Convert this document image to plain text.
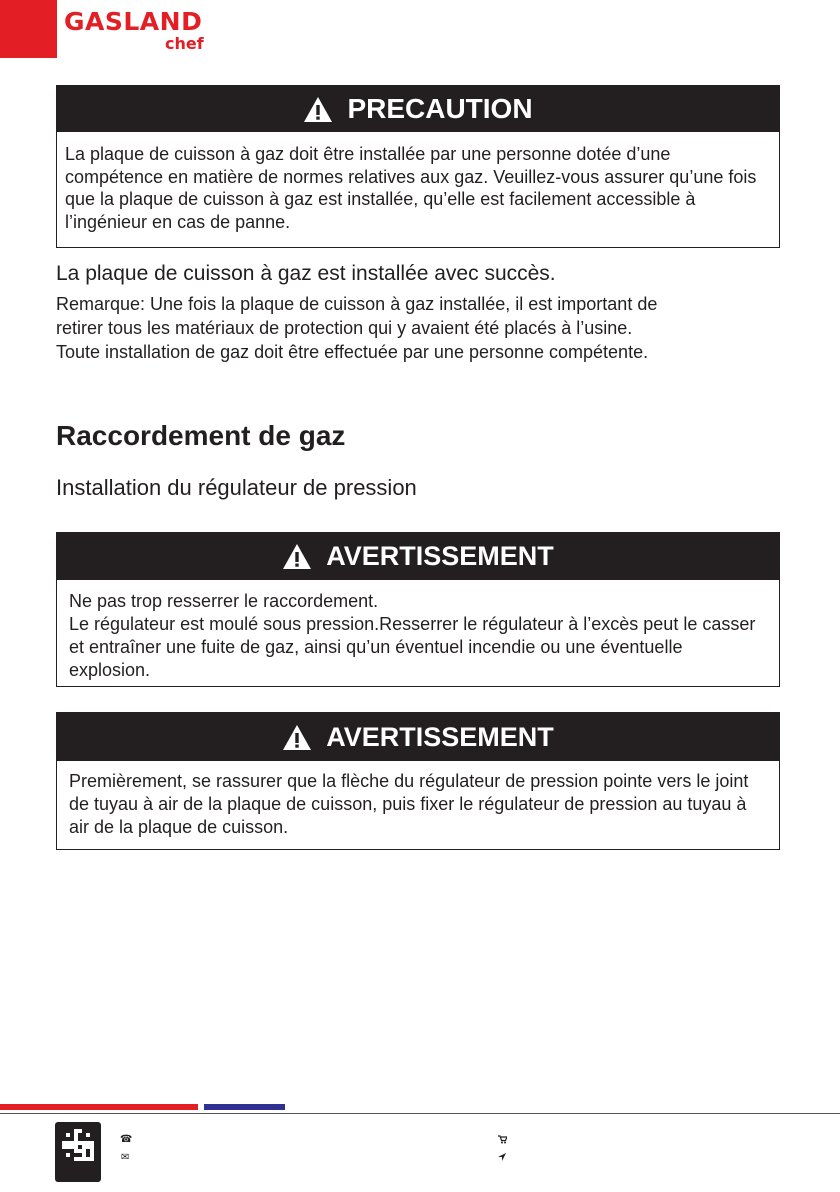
GASLAND
chef
PRECAUTION

La plaque de cuisson à gaz doit être installée par une personne dotée d’une compétence en matière de normes relatives aux gaz. Veuillez-vous assurer qu’une fois que la plaque de cuisson à gaz est installée, qu’elle est facilement accessible à l’ingénieur en cas de panne.

La plaque de cuisson à gaz est installée avec succès.

Remarque: Une fois la plaque de cuisson à gaz installée, il est important de

retirer tous les matériaux de protection qui y avaient été placés à l’usine.

Toute installation de gaz doit être effectuée par une personne compétente.

Raccordement de gaz
Installation du régulateur de pression
AVERTISSEMENT

Ne pas trop resserrer le raccordement.

Le régulateur est moulé sous pression.Resserrer le régulateur à l’excès peut le casser et entraîner une fuite de gaz, ainsi qu’un éventuel incendie ou une éventuelle explosion.

AVERTISSEMENT

Premièrement, se rassurer que la flèche du régulateur de pression pointe vers le joint de tuyau à air de la plaque de cuisson, puis fixer le régulateur de pression au tuyau à air de la plaque de cuisson.

☎
✉
